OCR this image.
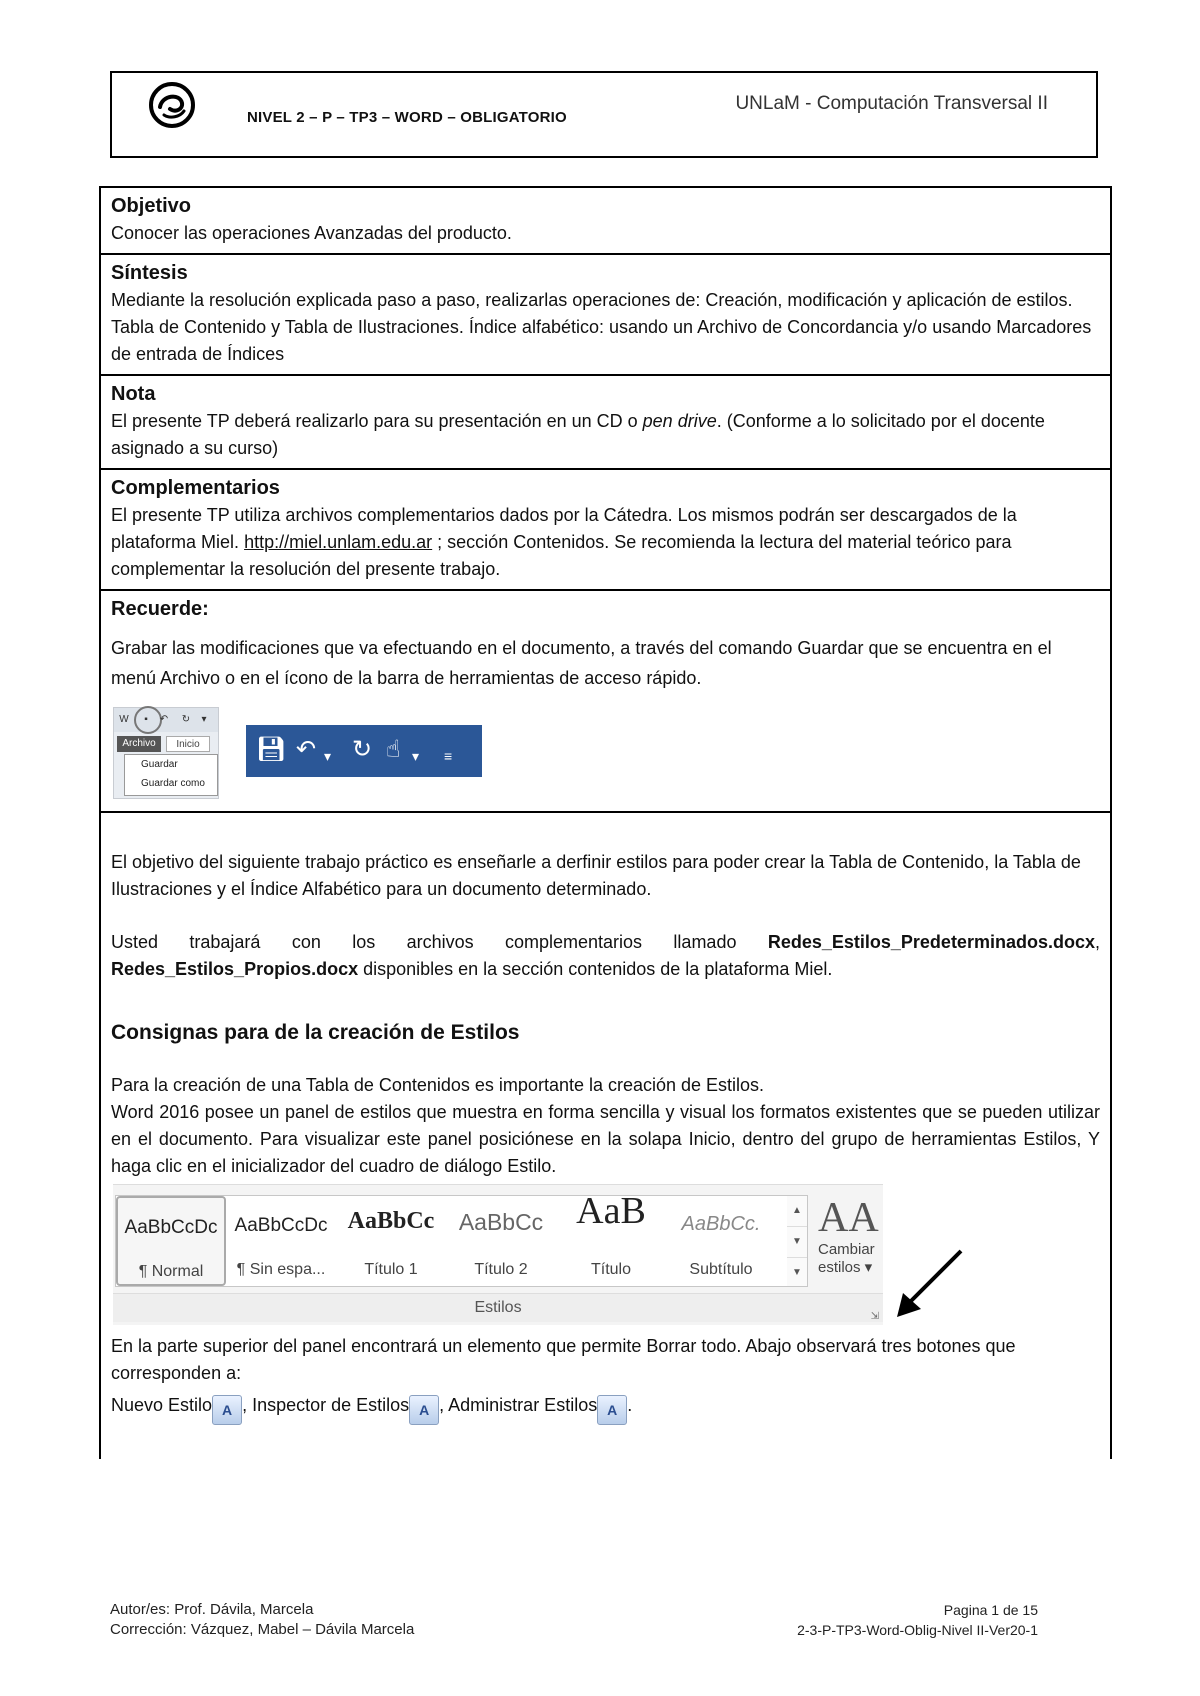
NIVEL 2 – P – TP3 – WORD – OBLIGATORIO
UNLaM - Computación Transversal II
Objetivo

Conocer las operaciones Avanzadas del producto.

Síntesis

Mediante la resolución explicada paso a paso, realizarlas operaciones de: Creación, modificación y aplicación de estilos. Tabla de Contenido y Tabla de Ilustraciones. Índice alfabético: usando un Archivo de Concordancia y/o usando Marcadores de entrada de Índices

Nota

El presente TP deberá realizarlo para su presentación en un CD o pen drive. (Conforme a lo solicitado por el docente asignado a su curso)

Complementarios

El presente TP utiliza archivos complementarios dados por la Cátedra. Los mismos podrán ser descargados de la plataforma Miel. http://miel.unlam.edu.ar ; sección Contenidos. Se recomienda la lectura del material teórico para complementar la resolución del presente trabajo.

Recuerde:

Grabar las modificaciones que va efectuando en el documento, a través del comando Guardar que se encuentra en el menú Archivo o en el ícono de la barra de herramientas de acceso rápido.

W	▪	↶ ↻	▾
Archivo	Inicio
Guardar
Guardar como
💾︎ ↶ ▾ ↻ ☝ ▾ ≡

El objetivo del siguiente trabajo práctico es enseñarle a derfinir estilos para poder crear la Tabla de Contenido, la Tabla de Ilustraciones y el Índice Alfabético para un documento determinado.

Usted trabajará con los archivos complementarios llamado Redes_Estilos_Predeterminados.docx, Redes_Estilos_Propios.docx disponibles en la sección contenidos de la plataforma Miel.

Consignas para de la creación de Estilos

Para la creación de una Tabla de Contenidos es importante la creación de Estilos.

Word 2016 posee un panel de estilos que muestra en forma sencilla y visual los formatos existentes que se pueden utilizar en el documento. Para visualizar este panel posiciónese en la solapa Inicio, dentro del grupo de herramientas Estilos, Y haga clic en el inicializador del cuadro de diálogo Estilo.

AaBbCcDc
¶ Normal
AaBbCcDc
¶ Sin espa...
AaBbCc
Título 1
AaBbCc
Título 2
AaB
Título
AaBbCc.
Subtítulo
▲
▼
▼
AA
Cambiar
estilos ▾
Estilos
⇲

En la parte superior del panel encontrará un elemento que permite Borrar todo. Abajo observará tres botones que corresponden a:

Nuevo Estilo A , Inspector de Estilos A , Administrar Estilos A .

Autor/es: Prof. Dávila, Marcela
Corrección: Vázquez, Mabel – Dávila Marcela
Pagina 1 de 15
2-3-P-TP3-Word-Oblig-Nivel II-Ver20-1
